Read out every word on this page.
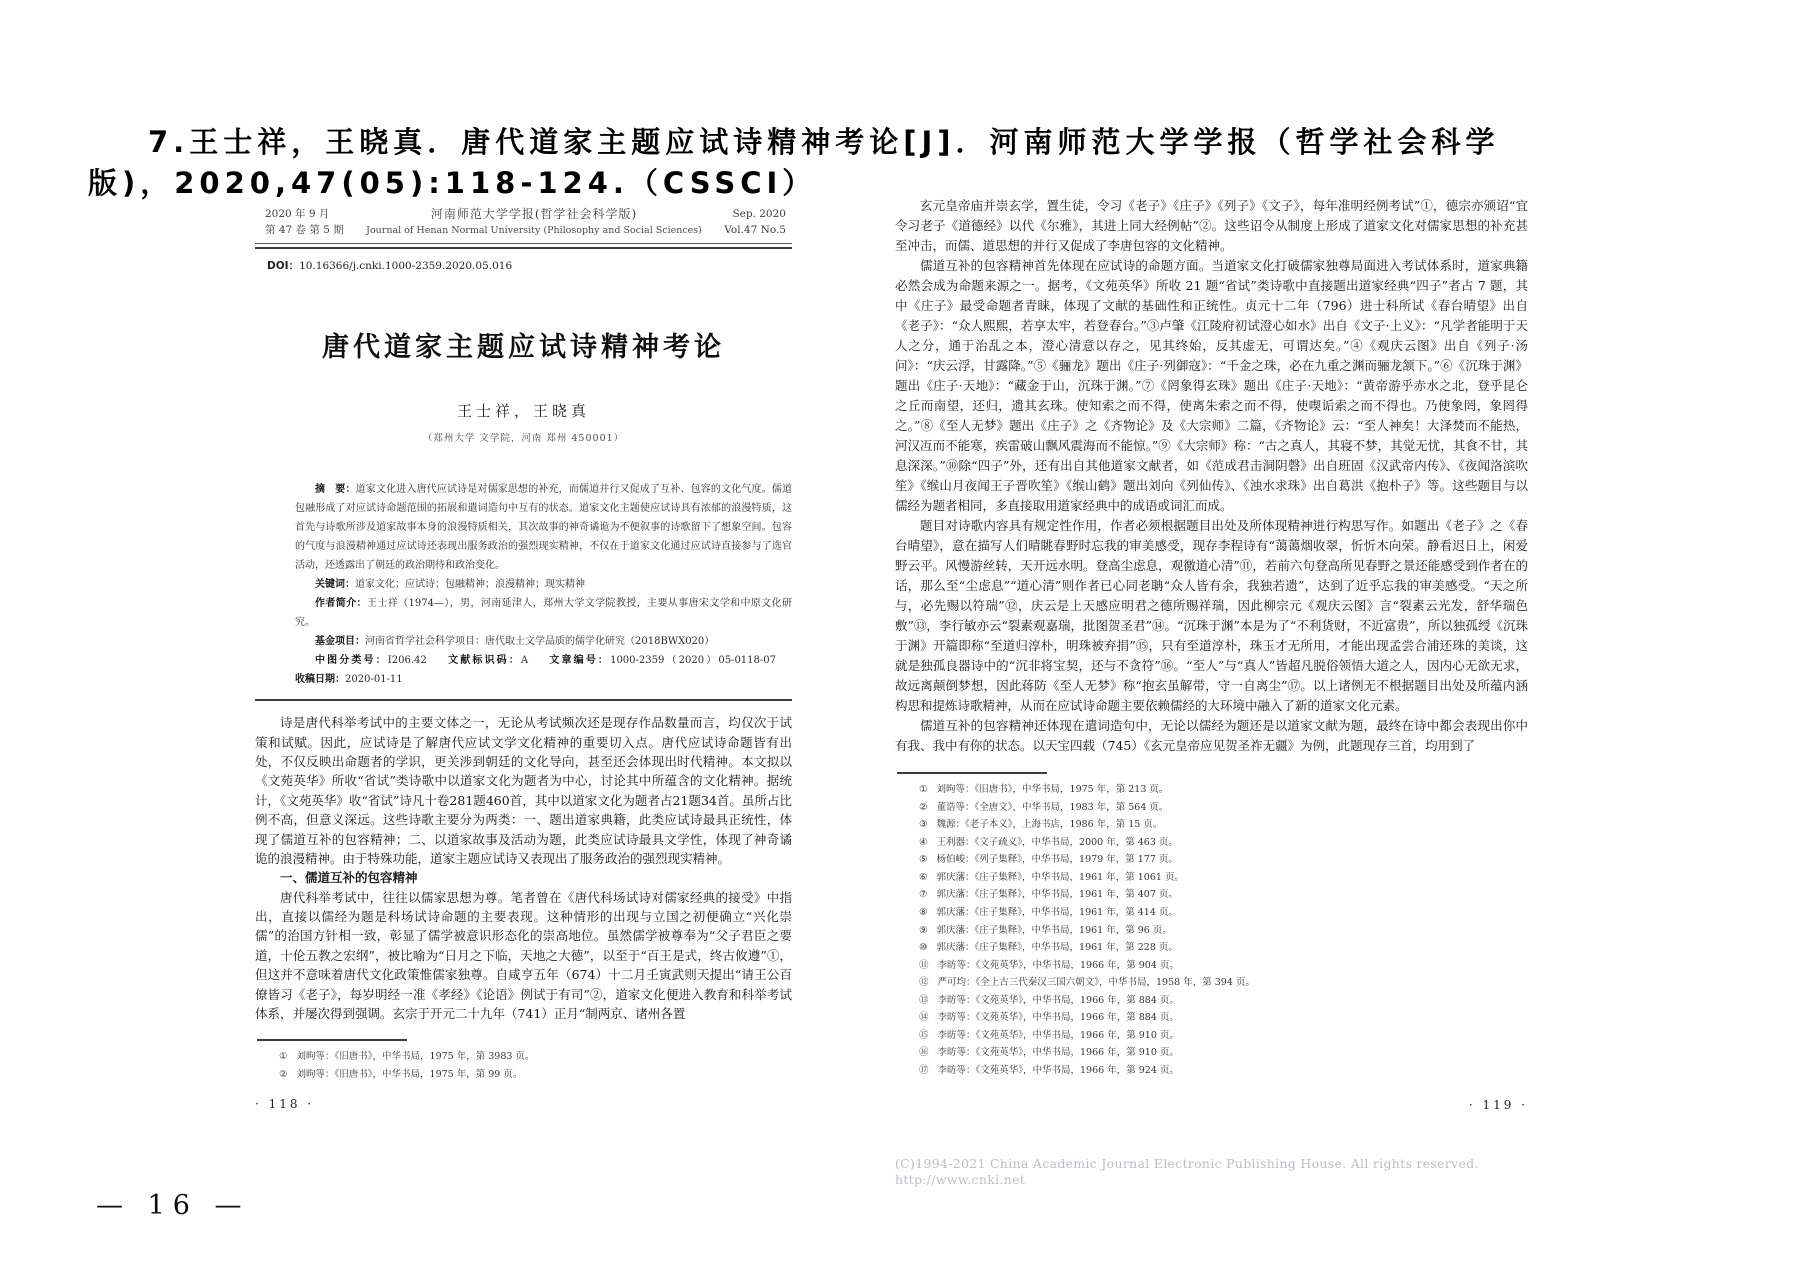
7.王士祥，王晓真．唐代道家主题应试诗精神考论[J]．河南师范大学学报（哲学社会科学版)，2020,47(05):118-124.（CSSCI）
2020 年 9 月
第 47 卷 第 5 期
河南师范大学学报(哲学社会科学版)
Journal of Henan Normal University (Philosophy and Social Sciences)
Sep. 2020
Vol.47 No.5
DOI：10.16366/j.cnki.1000-2359.2020.05.016
唐代道家主题应试诗精神考论
王士祥，王晓真
（郑州大学 文学院，河南 郑州 450001）

摘　要：道家文化进入唐代应试诗是对儒家思想的补充，而儒道并行又促成了互补、包容的文化气度。儒道包融形成了对应试诗命题范围的拓展和遣词造句中互有的状态。道家文化主题使应试诗具有浓郁的浪漫特质，这首先与诗歌所涉及道家故事本身的浪漫特质相关，其次故事的神奇谲诡为不便叙事的诗歌留下了想象空间。包容的气度与浪漫精神通过应试诗还表现出服务政治的强烈现实精神，不仅在于道家文化通过应试诗直接参与了选官活动，还透露出了朝廷的政治期待和政治变化。

关键词：道家文化；应试诗；包融精神；浪漫精神；现实精神

作者简介：王士祥（1974—），男，河南延津人，郑州大学文学院教授，主要从事唐宋文学和中原文化研究。

基金项目：河南省哲学社会科学项目：唐代取士文学品质的儒学化研究（2018BWX020）

中图分类号：I206.42 文献标识码：A 文章编号：1000-2359（2020）05-0118-07 收稿日期：2020-01-11

诗是唐代科举考试中的主要文体之一，无论从考试频次还是现存作品数量而言，均仅次于试策和试赋。因此，应试诗是了解唐代应试文学文化精神的重要切入点。唐代应试诗命题皆有出处，不仅反映出命题者的学识，更关涉到朝廷的文化导向，甚至还会体现出时代精神。本文拟以《文苑英华》所收“省试”类诗歌中以道家文化为题者为中心，讨论其中所蕴含的文化精神。据统计，《文苑英华》收“省试”诗凡十卷281题460首，其中以道家文化为题者占21题34首。虽所占比例不高，但意义深远。这些诗歌主要分为两类：一、题出道家典籍，此类应试诗最具正统性，体现了儒道互补的包容精神；二、以道家故事及活动为题，此类应试诗最具文学性，体现了神奇谲诡的浪漫精神。由于特殊功能，道家主题应试诗又表现出了服务政治的强烈现实精神。

一、儒道互补的包容精神

唐代科举考试中，往往以儒家思想为尊。笔者曾在《唐代科场试诗对儒家经典的接受》中指出，直接以儒经为题是科场试诗命题的主要表现。这种情形的出现与立国之初便确立“兴化崇儒”的治国方针相一致，彰显了儒学被意识形态化的崇高地位。虽然儒学被尊奉为“父子君臣之要道，十伦五教之宏纲”，被比喻为“日月之下临，天地之大德”，以至于“百王是式，终古攸遵”①，但这并不意味着唐代文化政策惟儒家独尊。自咸亨五年（674）十二月壬寅武则天提出“请王公百僚皆习《老子》，每岁明经一准《孝经》《论语》例试于有司”②，道家文化便进入教育和科举考试体系，并屡次得到强调。玄宗于开元二十九年（741）正月“制两京、诸州各置

① 刘昫等：《旧唐书》，中华书局，1975 年，第 3983 页。
② 刘昫等：《旧唐书》，中华书局，1975 年，第 99 页。
· 118 ·

玄元皇帝庙并崇玄学，置生徒，令习《老子》《庄子》《列子》《文子》，每年准明经例考试”①，德宗亦颁诏“宜令习老子《道德经》以代《尔雅》，其进上同大经例帖”②。这些诏令从制度上形成了道家文化对儒家思想的补充甚至冲击，而儒、道思想的并行又促成了李唐包容的文化精神。

儒道互补的包容精神首先体现在应试诗的命题方面。当道家文化打破儒家独尊局面进入考试体系时，道家典籍必然会成为命题来源之一。据考，《文苑英华》所收 21 题“省试”类诗歌中直接题出道家经典“四子”者占 7 题，其中《庄子》最受命题者青睐，体现了文献的基础性和正统性。贞元十二年（796）进士科所试《春台晴望》出自《老子》：“众人熙熙，若享太牢，若登春台。”③卢肇《江陵府初试澄心如水》出自《文子·上义》：“凡学者能明于天人之分，通于治乱之本，澄心清意以存之，见其终始，反其虚无，可谓达矣。”④《观庆云图》出自《列子·汤问》：“庆云浮，甘露降。”⑤《骊龙》题出《庄子·列御寇》：“千金之珠，必在九重之渊而骊龙颔下。”⑥《沉珠于渊》题出《庄子·天地》：“藏金于山，沉珠于渊。”⑦《罔象得玄珠》题出《庄子·天地》：“黄帝游乎赤水之北，登乎昆仑之丘而南望，还归，遗其玄珠。使知索之而不得，使离朱索之而不得，使喫诟索之而不得也。乃使象罔，象罔得之。”⑧《至人无梦》题出《庄子》之《齐物论》及《大宗师》二篇，《齐物论》云：“至人神矣！大泽焚而不能热，河汉冱而不能寒，疾雷破山飘风震海而不能惊。”⑨《大宗师》称：“古之真人，其寝不梦，其觉无忧，其食不甘，其息深深。”⑩除“四子”外，还有出自其他道家文献者，如《范成君击洞阴磬》出自班固《汉武帝内传》、《夜闻洛滨吹笙》《缑山月夜闻王子晋吹笙》《缑山鹤》题出刘向《列仙传》、《浊水求珠》出自葛洪《抱朴子》等。这些题目与以儒经为题者相同，多直接取用道家经典中的成语或词汇而成。

题目对诗歌内容具有规定性作用，作者必须根据题目出处及所体现精神进行构思写作。如题出《老子》之《春台晴望》，意在描写人们晴眺春野时忘我的审美感受，现存李程诗有“蔼蔼烟收翠，忻忻木向荣。静看迟日上，闲爱野云平。风慢游丝转，天开远水明。登高尘虑息，观徼道心清”⑪，若前六句登高所见春野之景还能感受到作者在的话，那么至“尘虑息”“道心清”则作者已心同老聃“众人皆有余，我独若遗”，达到了近乎忘我的审美感受。“天之所与，必先赐以符瑞”⑫，庆云是上天感应明君之德所赐祥瑞，因此柳宗元《观庆云图》言“裂素云光发，舒华瑞色敷”⑬，李行敏亦云“裂素观嘉瑞，批图贺圣君”⑭。“沉珠于渊”本是为了“不利货财，不近富贵”，所以独孤绶《沉珠于渊》开篇即称“至道归淳朴，明珠被弃捐”⑮，只有至道淳朴，珠玉才无所用，才能出现孟尝合浦还珠的美谈，这就是独孤良器诗中的“沉非将宝契，还与不贪符”⑯。“至人”与“真人”皆超凡脱俗领悟大道之人，因内心无欲无求，故远离颠倒梦想，因此蒋防《至人无梦》称“抱玄虽解带，守一自离尘”⑰。以上诸例无不根据题目出处及所蕴内涵构思和提炼诗歌精神，从而在应试诗命题主要依赖儒经的大环境中融入了新的道家文化元素。

儒道互补的包容精神还体现在遣词造句中，无论以儒经为题还是以道家文献为题，最终在诗中都会表现出你中有我、我中有你的状态。以天宝四载（745）《玄元皇帝应见贺圣祚无疆》为例，此题现存三首，均用到了

① 刘昫等：《旧唐书》，中华书局，1975 年，第 213 页。
② 董诰等：《全唐文》，中华书局，1983 年，第 564 页。
③ 魏源：《老子本义》，上海书店，1986 年，第 15 页。
④ 王利器：《文子疏义》，中华书局，2000 年，第 463 页。
⑤ 杨伯峻：《列子集释》，中华书局，1979 年，第 177 页。
⑥ 郭庆藩：《庄子集释》，中华书局，1961 年，第 1061 页。
⑦ 郭庆藩：《庄子集释》，中华书局，1961 年，第 407 页。
⑧ 郭庆藩：《庄子集释》，中华书局，1961 年，第 414 页。
⑨ 郭庆藩：《庄子集释》，中华书局，1961 年，第 96 页。
⑩ 郭庆藩：《庄子集释》，中华书局，1961 年，第 228 页。
⑪ 李昉等：《文苑英华》，中华书局，1966 年，第 904 页。
⑫ 严可均：《全上古三代秦汉三国六朝文》，中华书局，1958 年，第 394 页。
⑬ 李昉等：《文苑英华》，中华书局，1966 年，第 884 页。
⑭ 李昉等：《文苑英华》，中华书局，1966 年，第 884 页。
⑮ 李昉等：《文苑英华》，中华书局，1966 年，第 910 页。
⑯ 李昉等：《文苑英华》，中华书局，1966 年，第 910 页。
⑰ 李昉等：《文苑英华》，中华书局，1966 年，第 924 页。
· 119 ·
(C)1994-2021 China Academic Journal Electronic Publishing House. All rights reserved.　 http://www.cnki.net
— 16 —
